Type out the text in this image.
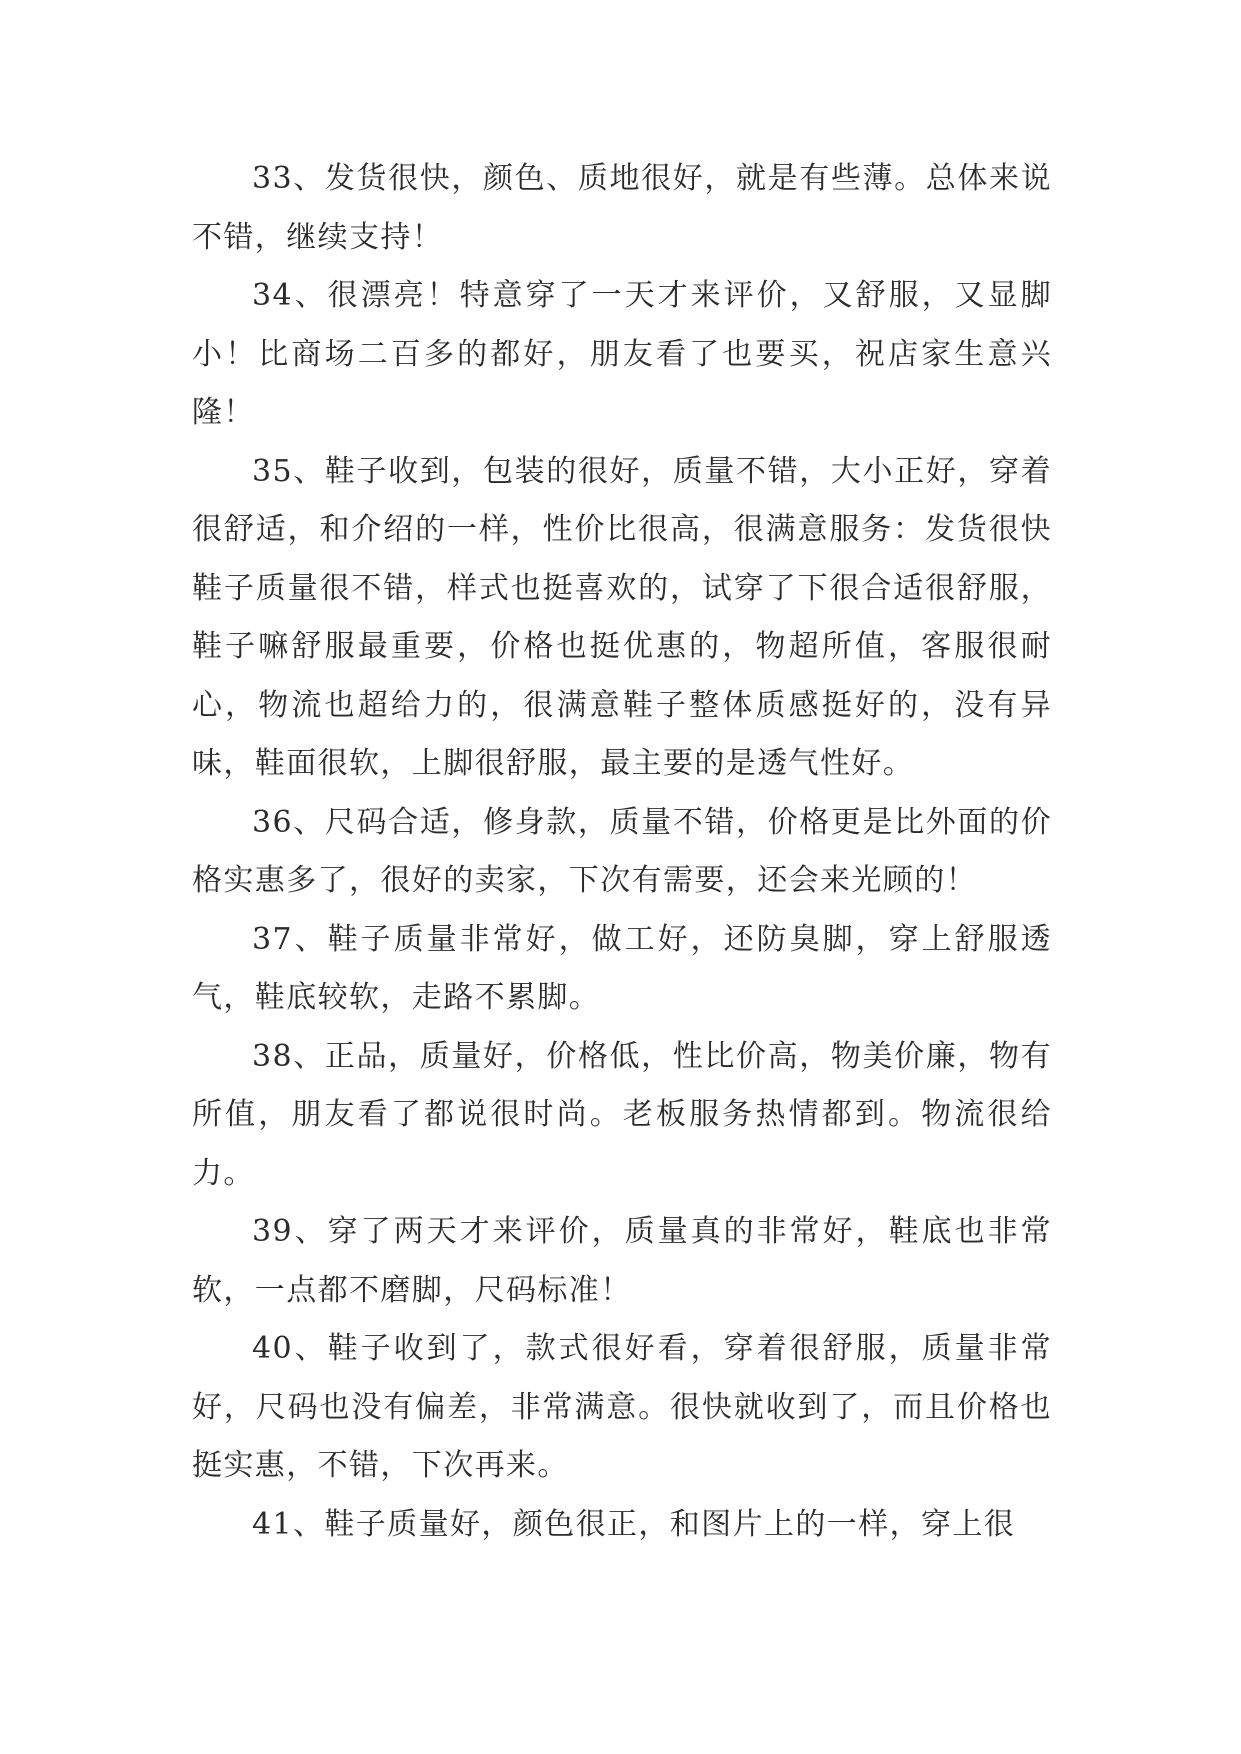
33、发货很快，颜色、质地很好，就是有些薄。总体来说不错，继续支持！

34、很漂亮！特意穿了一天才来评价，又舒服，又显脚小！比商场二百多的都好，朋友看了也要买，祝店家生意兴隆！

35、鞋子收到，包装的很好，质量不错，大小正好，穿着很舒适，和介绍的一样，性价比很高，很满意服务：发货很快鞋子质量很不错，样式也挺喜欢的，试穿了下很合适很舒服，鞋子嘛舒服最重要，价格也挺优惠的，物超所值，客服很耐心，物流也超给力的，很满意鞋子整体质感挺好的，没有异味，鞋面很软，上脚很舒服，最主要的是透气性好。

36、尺码合适，修身款，质量不错，价格更是比外面的价格实惠多了，很好的卖家，下次有需要，还会来光顾的！

37、鞋子质量非常好，做工好，还防臭脚，穿上舒服透气，鞋底较软，走路不累脚。

38、正品，质量好，价格低，性比价高，物美价廉，物有所值，朋友看了都说很时尚。老板服务热情都到。物流很给力。

39、穿了两天才来评价，质量真的非常好，鞋底也非常软，一点都不磨脚，尺码标准！

40、鞋子收到了，款式很好看，穿着很舒服，质量非常好，尺码也没有偏差，非常满意。很快就收到了，而且价格也挺实惠，不错，下次再来。

41、鞋子质量好，颜色很正，和图片上的一样，穿上很
